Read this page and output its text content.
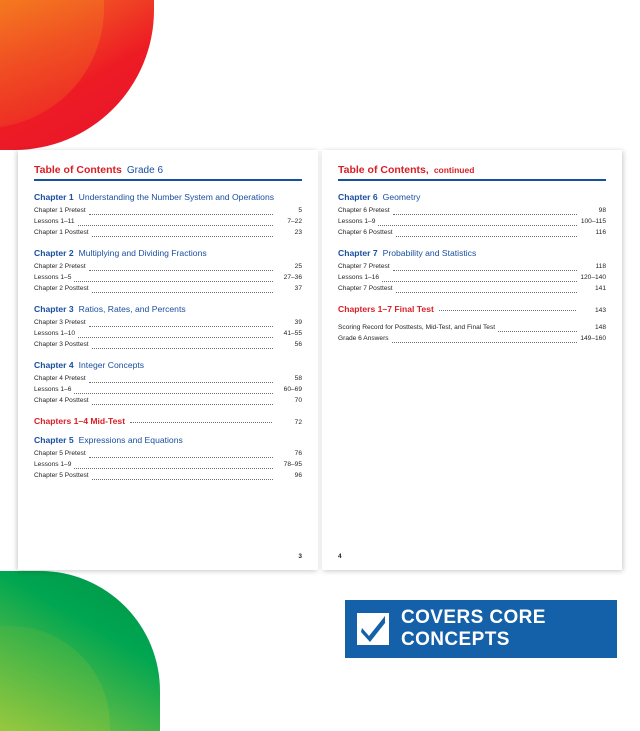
Table of Contents Grade 6
Chapter 1 Understanding the Number System and Operations
Chapter 1 Pretest	5
Lessons 1–11	7–22
Chapter 1 Posttest	23
Chapter 2 Multiplying and Dividing Fractions
Chapter 2 Pretest	25
Lessons 1–5	27–36
Chapter 2 Posttest	37
Chapter 3 Ratios, Rates, and Percents
Chapter 3 Pretest	39
Lessons 1–10	41–55
Chapter 3 Posttest	56
Chapter 4 Integer Concepts
Chapter 4 Pretest	58
Lessons 1–6	60–69
Chapter 4 Posttest	70
Chapters 1–4 Mid-Test	72
Chapter 5 Expressions and Equations
Chapter 5 Pretest	76
Lessons 1–9	78–95
Chapter 5 Posttest	96
3
Table of Contents, continued
Chapter 6 Geometry
Chapter 6 Pretest	98
Lessons 1–9	100–115
Chapter 6 Posttest	116
Chapter 7 Probability and Statistics
Chapter 7 Pretest	118
Lessons 1–16	120–140
Chapter 7 Posttest	141
Chapters 1–7 Final Test	143
Scoring Record for Posttests, Mid-Test, and Final Test	148
Grade 6 Answers	149–160
4
COVERS CORE CONCEPTS
